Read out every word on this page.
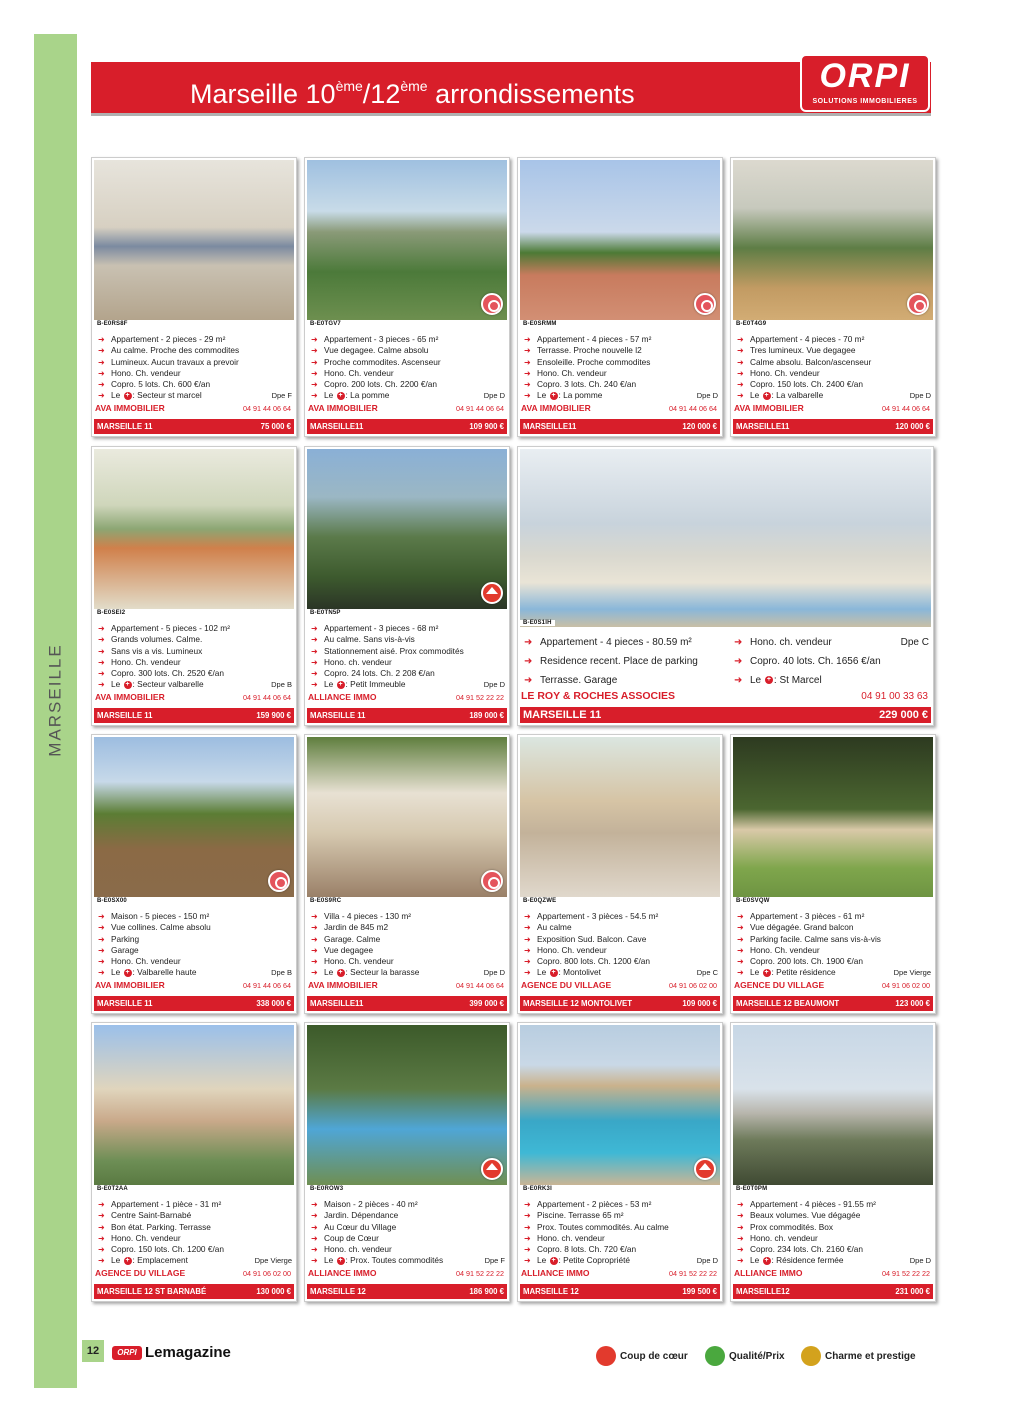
MARSEILLE
Marseille 10ème/12ème arrondissements	ORPI
SOLUTIONS IMMOBILIERES
B-E0RS8F
➜ Appartement - 2 pieces - 29 m²
➜ Au calme. Proche des commodites
➜ Lumineux. Aucun travaux a prevoir
➜ Hono. Ch. vendeur
➜ Copro. 5 lots. Ch. 600 €/an
➜ Le + : Secteur st marcel	Dpe F
AVA IMMOBILIER	04 91 44 06 64
MARSEILLE 11	75 000 €
B-E0TGV7
➜ Appartement - 3 pieces - 65 m²
➜ Vue degagee. Calme absolu
➜ Proche commodites. Ascenseur
➜ Hono. Ch. vendeur
➜ Copro. 200 lots. Ch. 2200 €/an
➜ Le + : La pomme	Dpe D
AVA IMMOBILIER	04 91 44 06 64
MARSEILLE11	109 900 €
B-E0SRMM
➜ Appartement - 4 pieces - 57 m²
➜ Terrasse. Proche nouvelle l2
➜ Ensoleille. Proche commodites
➜ Hono. Ch. vendeur
➜ Copro. 3 lots. Ch. 240 €/an
➜ Le + : La pomme	Dpe D
AVA IMMOBILIER	04 91 44 06 64
MARSEILLE11	120 000 €
B-E0T4G9
➜ Appartement - 4 pieces - 70 m²
➜ Tres lumineux. Vue degagee
➜ Calme absolu. Balcon/ascenseur
➜ Hono. Ch. vendeur
➜ Copro. 150 lots. Ch. 2400 €/an
➜ Le + : La valbarelle	Dpe D
AVA IMMOBILIER	04 91 44 06 64
MARSEILLE11	120 000 €
B-E0SEI2
➜ Appartement - 5 pieces - 102 m²
➜ Grands volumes. Calme.
➜ Sans vis a vis. Lumineux
➜ Hono. Ch. vendeur
➜ Copro. 300 lots. Ch. 2520 €/an
➜ Le + : Secteur valbarelle	Dpe B
AVA IMMOBILIER	04 91 44 06 64
MARSEILLE 11	159 900 €
B-E0TN5P
➜ Appartement - 3 pieces - 68 m²
➜ Au calme. Sans vis-à-vis
➜ Stationnement aisé. Prox commodités
➜ Hono. ch. vendeur
➜ Copro. 24 lots. Ch. 2 208 €/an
➜ Le + : Petit Immeuble	Dpe D
ALLIANCE IMMO	04 91 52 22 22
MARSEILLE 11	189 000 €
B-E0S1IH
➜ Appartement - 4 pieces - 80.59 m²
➜ Residence recent. Place de parking
➜ Terrasse. Garage
➜ Hono. ch. vendeur
➜ Copro. 40 lots. Ch. 1656 €/an
➜ Le + : St Marcel
Dpe C
LE ROY & ROCHES ASSOCIES	04 91 00 33 63
MARSEILLE 11	229 000 €
B-E0SX00
➜ Maison - 5 pieces - 150 m²
➜ Vue collines. Calme absolu
➜ Parking
➜ Garage
➜ Hono. Ch. vendeur
➜ Le + : Valbarelle haute	Dpe B
AVA IMMOBILIER	04 91 44 06 64
MARSEILLE 11	338 000 €
B-E0S9RC
➜ Villa - 4 pieces - 130 m²
➜ Jardin de 845 m2
➜ Garage. Calme
➜ Vue degagee
➜ Hono. Ch. vendeur
➜ Le + : Secteur la barasse	Dpe D
AVA IMMOBILIER	04 91 44 06 64
MARSEILLE11	399 000 €
B-E0QZWE
➜ Appartement - 3 pièces - 54.5 m²
➜ Au calme
➜ Exposition Sud. Balcon. Cave
➜ Hono. Ch. vendeur
➜ Copro. 800 lots. Ch. 1200 €/an
➜ Le + : Montolivet	Dpe C
AGENCE DU VILLAGE	04 91 06 02 00
MARSEILLE 12 MONTOLIVET	109 000 €
B-E0SVQW
➜ Appartement - 3 pièces - 61 m²
➜ Vue dégagée. Grand balcon
➜ Parking facile. Calme sans vis-à-vis
➜ Hono. Ch. vendeur
➜ Copro. 200 lots. Ch. 1900 €/an
➜ Le + : Petite résidence	Dpe Vierge
AGENCE DU VILLAGE	04 91 06 02 00
MARSEILLE 12 BEAUMONT	123 000 €
B-E0T2AA
➜ Appartement - 1 pièce - 31 m²
➜ Centre Saint-Barnabé
➜ Bon état. Parking. Terrasse
➜ Hono. Ch. vendeur
➜ Copro. 150 lots. Ch. 1200 €/an
➜ Le + : Emplacement	Dpe Vierge
AGENCE DU VILLAGE	04 91 06 02 00
MARSEILLE 12 ST BARNABÉ	130 000 €
B-E0ROW3
➜ Maison - 2 pièces - 40 m²
➜ Jardin. Dépendance
➜ Au Cœur du Village
➜ Coup de Cœur
➜ Hono. ch. vendeur
➜ Le + : Prox. Toutes commodités	Dpe F
ALLIANCE IMMO	04 91 52 22 22
MARSEILLE 12	186 900 €
B-E0RK3I
➜ Appartement - 2 pièces - 53 m²
➜ Piscine. Terrasse 65 m²
➜ Prox. Toutes commodités. Au calme
➜ Hono. ch. vendeur
➜ Copro. 8 lots. Ch. 720 €/an
➜ Le + : Petite Copropriété	Dpe D
ALLIANCE IMMO	04 91 52 22 22
MARSEILLE 12	199 500 €
B-E0T0PM
➜ Appartement - 4 pièces - 91.55 m²
➜ Beaux volumes. Vue dégagée
➜ Prox commodités. Box
➜ Hono. ch. vendeur
➜ Copro. 234 lots. Ch. 2160 €/an
➜ Le + : Résidence fermée	Dpe D
ALLIANCE IMMO	04 91 52 22 22
MARSEILLE12	231 000 €
12	ORPI Lemagazine	Coup de cœur	Qualité/Prix	Charme et prestige
